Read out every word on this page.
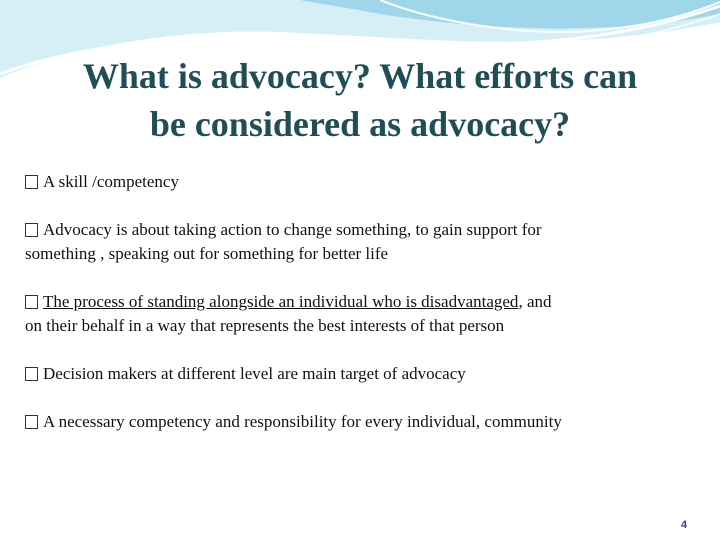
What is advocacy? What efforts can
be considered as advocacy?
A skill /competency
Advocacy is about taking action to change something, to gain support for
something , speaking out for something for better life
The process of standing alongside an individual who is disadvantaged, and
on their behalf in a way that represents the best interests of that person
Decision makers at different level are main target of advocacy
A necessary competency and responsibility for every individual, community
4
